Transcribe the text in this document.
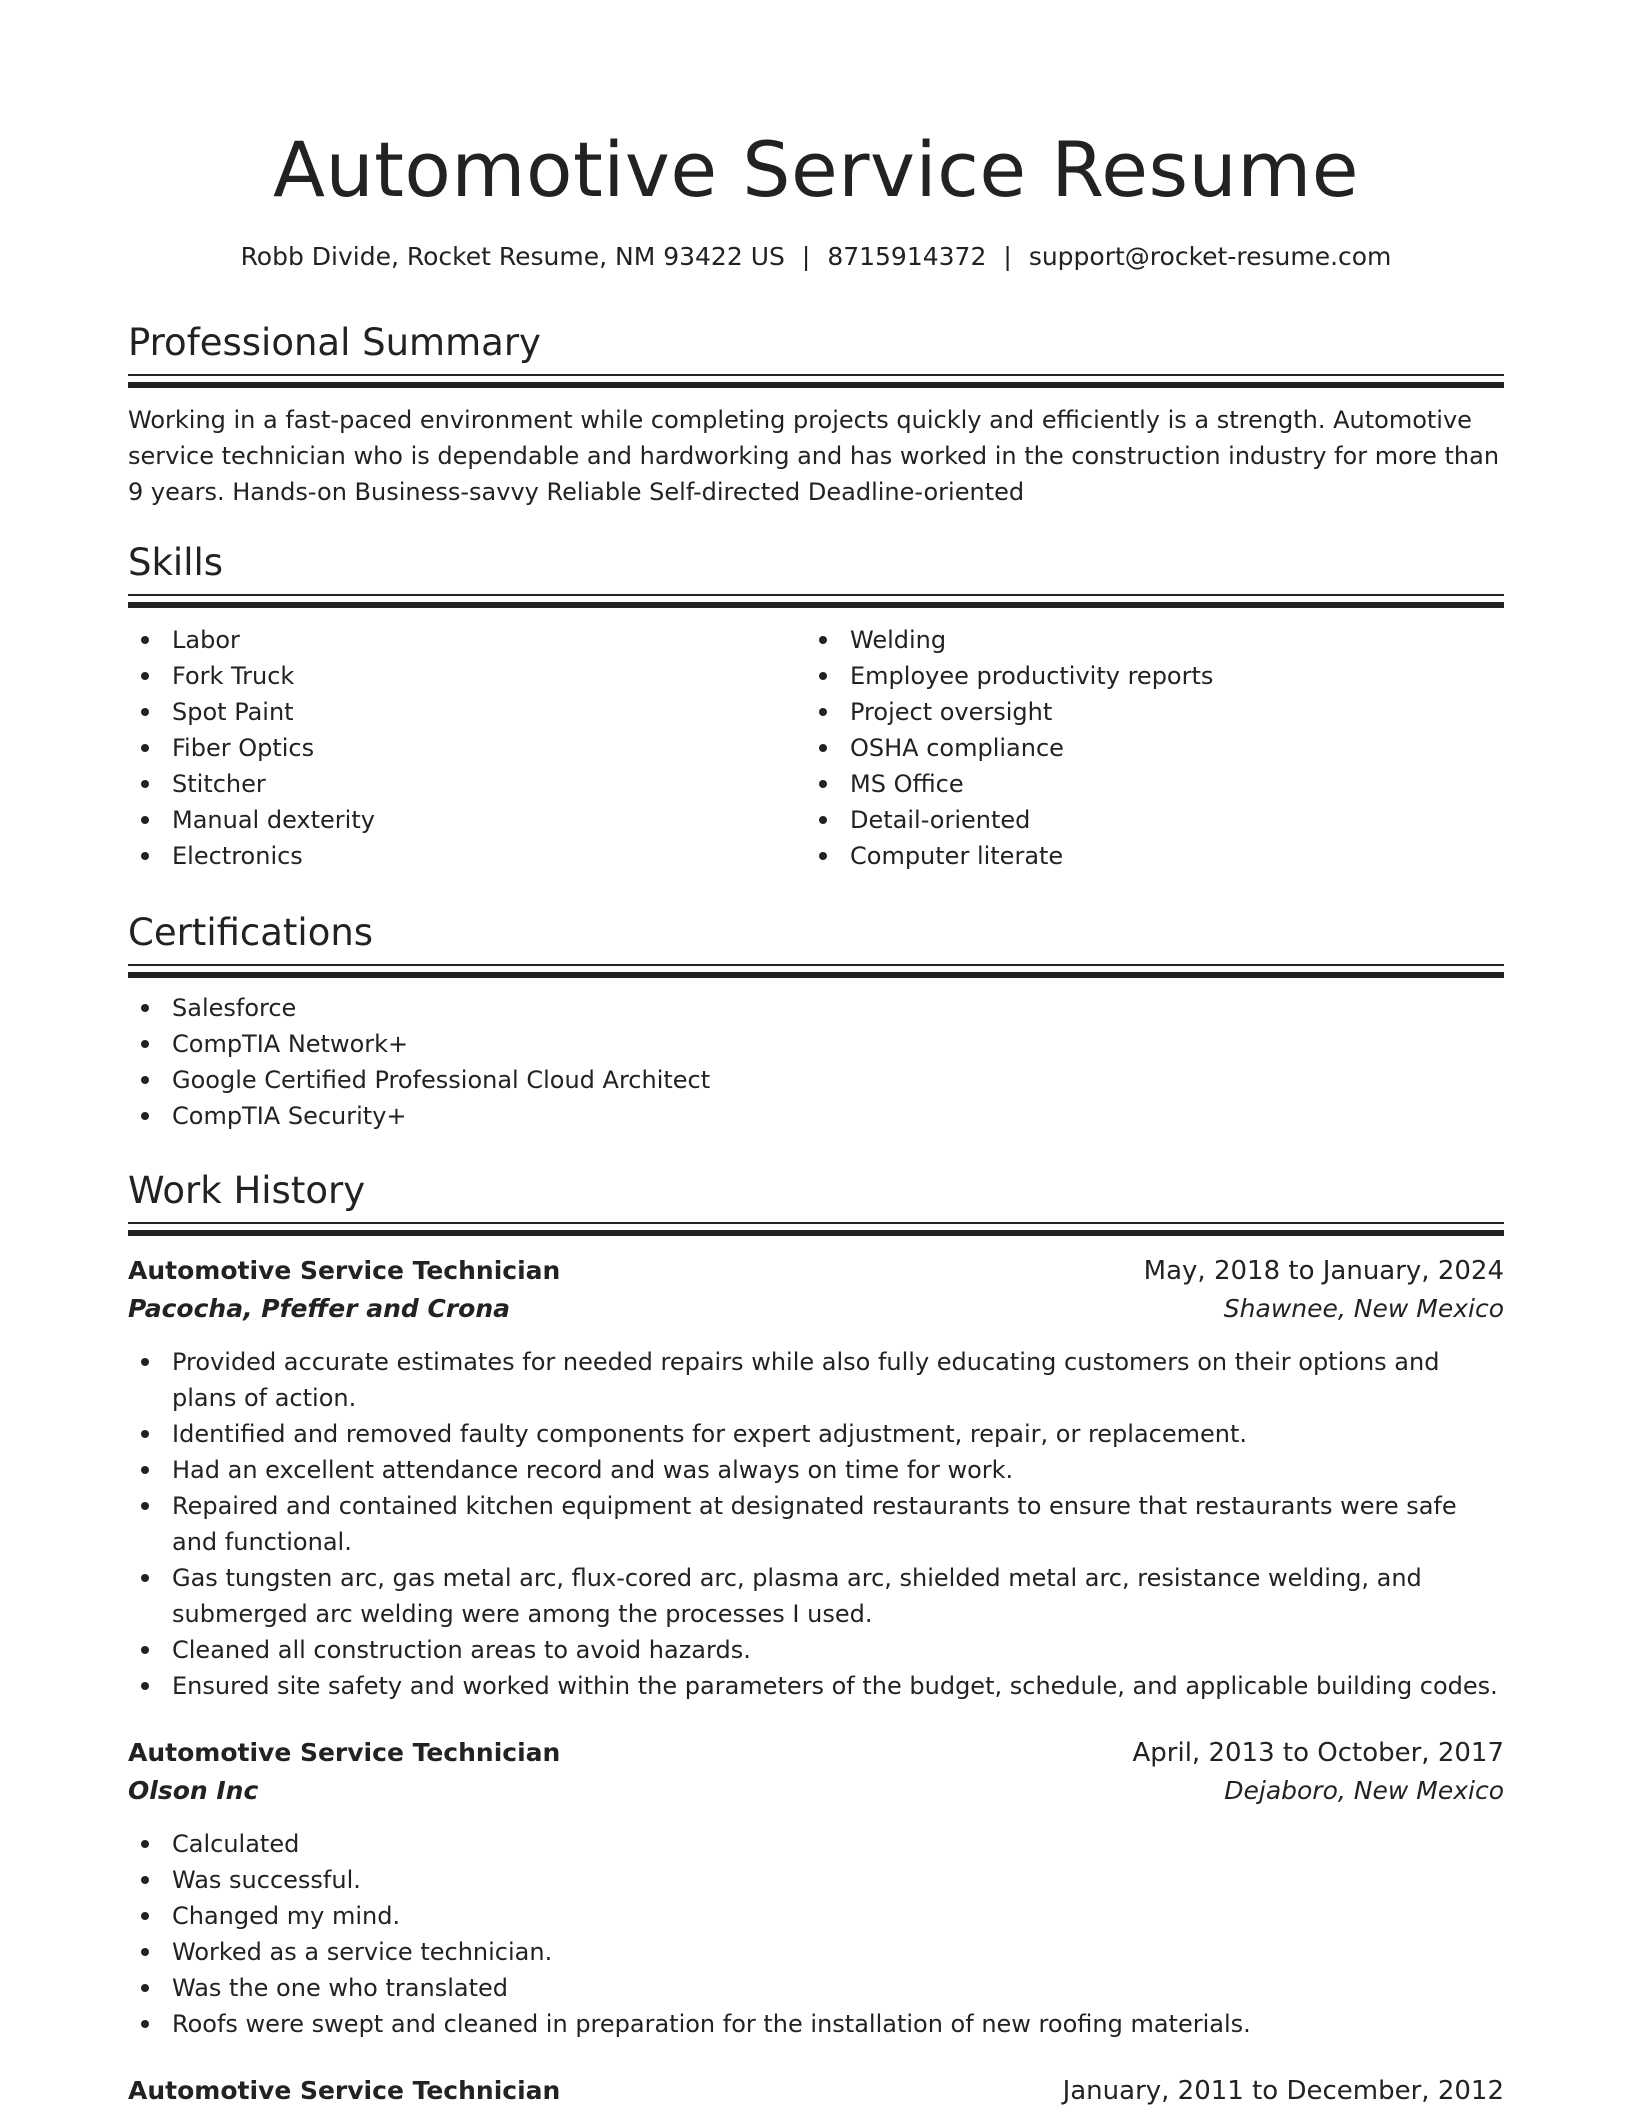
Automotive Service Resume
Robb Divide, Rocket Resume, NM 93422 US | 8715914372 | support@rocket-resume.com
Professional Summary
Working in a fast-paced environment while completing projects quickly and efficiently is a strength. Automotive service technician who is dependable and hardworking and has worked in the construction industry for more than 9 years. Hands-on Business-savvy Reliable Self-directed Deadline-oriented
Skills
Labor
Fork Truck
Spot Paint
Fiber Optics
Stitcher
Manual dexterity
Electronics
Welding
Employee productivity reports
Project oversight
OSHA compliance
MS Office
Detail-oriented
Computer literate
Certifications
Salesforce
CompTIA Network+
Google Certified Professional Cloud Architect
CompTIA Security+
Work History
Automotive Service Technician	May, 2018 to January, 2024
Pacocha, Pfeffer and Crona	Shawnee, New Mexico
Provided accurate estimates for needed repairs while also fully educating customers on their options and plans of action.
Identified and removed faulty components for expert adjustment, repair, or replacement.
Had an excellent attendance record and was always on time for work.
Repaired and contained kitchen equipment at designated restaurants to ensure that restaurants were safe and functional.
Gas tungsten arc, gas metal arc, flux-cored arc, plasma arc, shielded metal arc, resistance welding, and submerged arc welding were among the processes I used.
Cleaned all construction areas to avoid hazards.
Ensured site safety and worked within the parameters of the budget, schedule, and applicable building codes.
Automotive Service Technician	April, 2013 to October, 2017
Olson Inc	Dejaboro, New Mexico
Calculated
Was successful.
Changed my mind.
Worked as a service technician.
Was the one who translated
Roofs were swept and cleaned in preparation for the installation of new roofing materials.
Automotive Service Technician	January, 2011 to December, 2012
